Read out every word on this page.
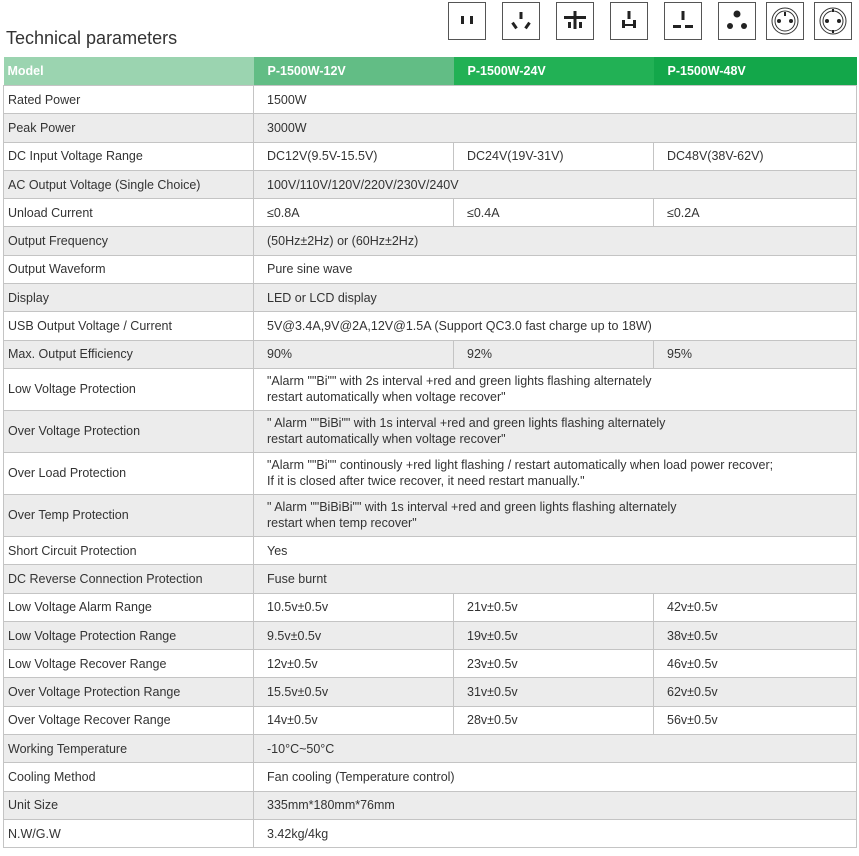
Technical parameters
Model	P-1500W-12V	P-1500W-24V	P-1500W-48V
Rated Power	1500W		
Peak Power	3000W		
DC Input Voltage Range	DC12V(9.5V-15.5V)	DC24V(19V-31V)	DC48V(38V-62V)
AC Output Voltage (Single Choice)	100V/110V/120V/220V/230V/240V		
Unload Current	≤0.8A	≤0.4A	≤0.2A
Output Frequency	(50Hz±2Hz) or (60Hz±2Hz)		
Output Waveform	Pure sine wave		
Display	LED or LCD display		
USB Output Voltage / Current	5V@3.4A,9V@2A,12V@1.5A (Support QC3.0 fast charge up to 18W)		
Max. Output Efficiency	90%	92%	95%
Low Voltage Protection	"Alarm ""Bi"" with 2s interval +red and green lights flashing alternately
restart automatically when voltage recover"		

Over Voltage Protection	" Alarm ""BiBi"" with 1s interval +red and green lights flashing alternately
restart automatically when voltage recover"		

Over Load Protection	"Alarm ""Bi"" continously +red light flashing / restart automatically when load power recover;
If it is closed after twice recover, it need restart manually."		

Over Temp Protection	" Alarm ""BiBiBi"" with 1s interval +red and green lights flashing alternately
restart when temp recover"		

Short Circuit Protection	Yes		
DC Reverse Connection Protection	Fuse burnt		
Low Voltage Alarm Range	10.5v±0.5v	21v±0.5v	42v±0.5v
Low Voltage Protection Range	9.5v±0.5v	19v±0.5v	38v±0.5v
Low Voltage Recover Range	12v±0.5v	23v±0.5v	46v±0.5v
Over Voltage Protection Range	15.5v±0.5v	31v±0.5v	62v±0.5v
Over Voltage Recover Range	14v±0.5v	28v±0.5v	56v±0.5v
Working Temperature	-10°C~50°C		
Cooling Method	Fan cooling (Temperature control)		
Unit Size	335mm*180mm*76mm		
N.W/G.W	3.42kg/4kg		
